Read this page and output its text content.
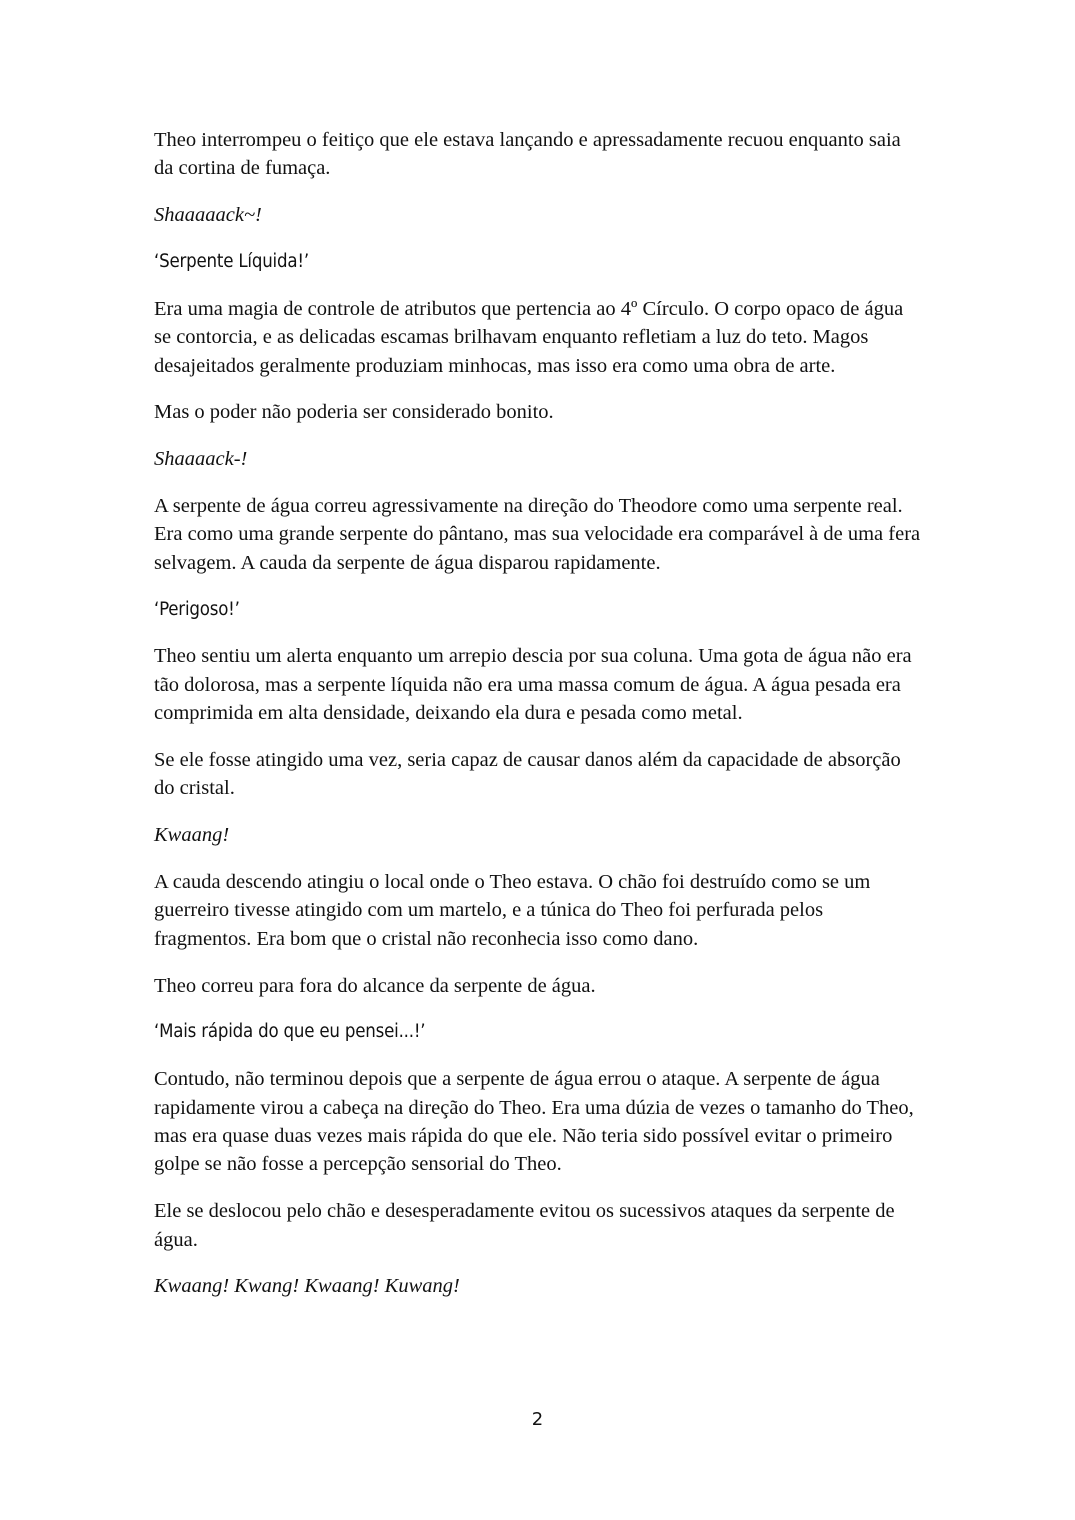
Theo interrompeu o feitiço que ele estava lançando e apressadamente recuou enquanto saia da cortina de fumaça.

Shaaaaack~!

‘Serpente Líquida!’

Era uma magia de controle de atributos que pertencia ao 4º Círculo. O corpo opaco de água se contorcia, e as delicadas escamas brilhavam enquanto refletiam a luz do teto. Magos desajeitados geralmente produziam minhocas, mas isso era como uma obra de arte.

Mas o poder não poderia ser considerado bonito.

Shaaaack-!

A serpente de água correu agressivamente na direção do Theodore como uma serpente real. Era como uma grande serpente do pântano, mas sua velocidade era comparável à de uma fera selvagem. A cauda da serpente de água disparou rapidamente.

‘Perigoso!’

Theo sentiu um alerta enquanto um arrepio descia por sua coluna. Uma gota de água não era tão dolorosa, mas a serpente líquida não era uma massa comum de água. A água pesada era comprimida em alta densidade, deixando ela dura e pesada como metal.

Se ele fosse atingido uma vez, seria capaz de causar danos além da capacidade de absorção do cristal.

Kwaang!

A cauda descendo atingiu o local onde o Theo estava. O chão foi destruído como se um guerreiro tivesse atingido com um martelo, e a túnica do Theo foi perfurada pelos fragmentos. Era bom que o cristal não reconhecia isso como dano.

Theo correu para fora do alcance da serpente de água.

‘Mais rápida do que eu pensei...!’

Contudo, não terminou depois que a serpente de água errou o ataque. A serpente de água rapidamente virou a cabeça na direção do Theo. Era uma dúzia de vezes o tamanho do Theo, mas era quase duas vezes mais rápida do que ele. Não teria sido possível evitar o primeiro golpe se não fosse a percepção sensorial do Theo.

Ele se deslocou pelo chão e desesperadamente evitou os sucessivos ataques da serpente de água.

Kwaang! Kwang! Kwaang! Kuwang!

2
